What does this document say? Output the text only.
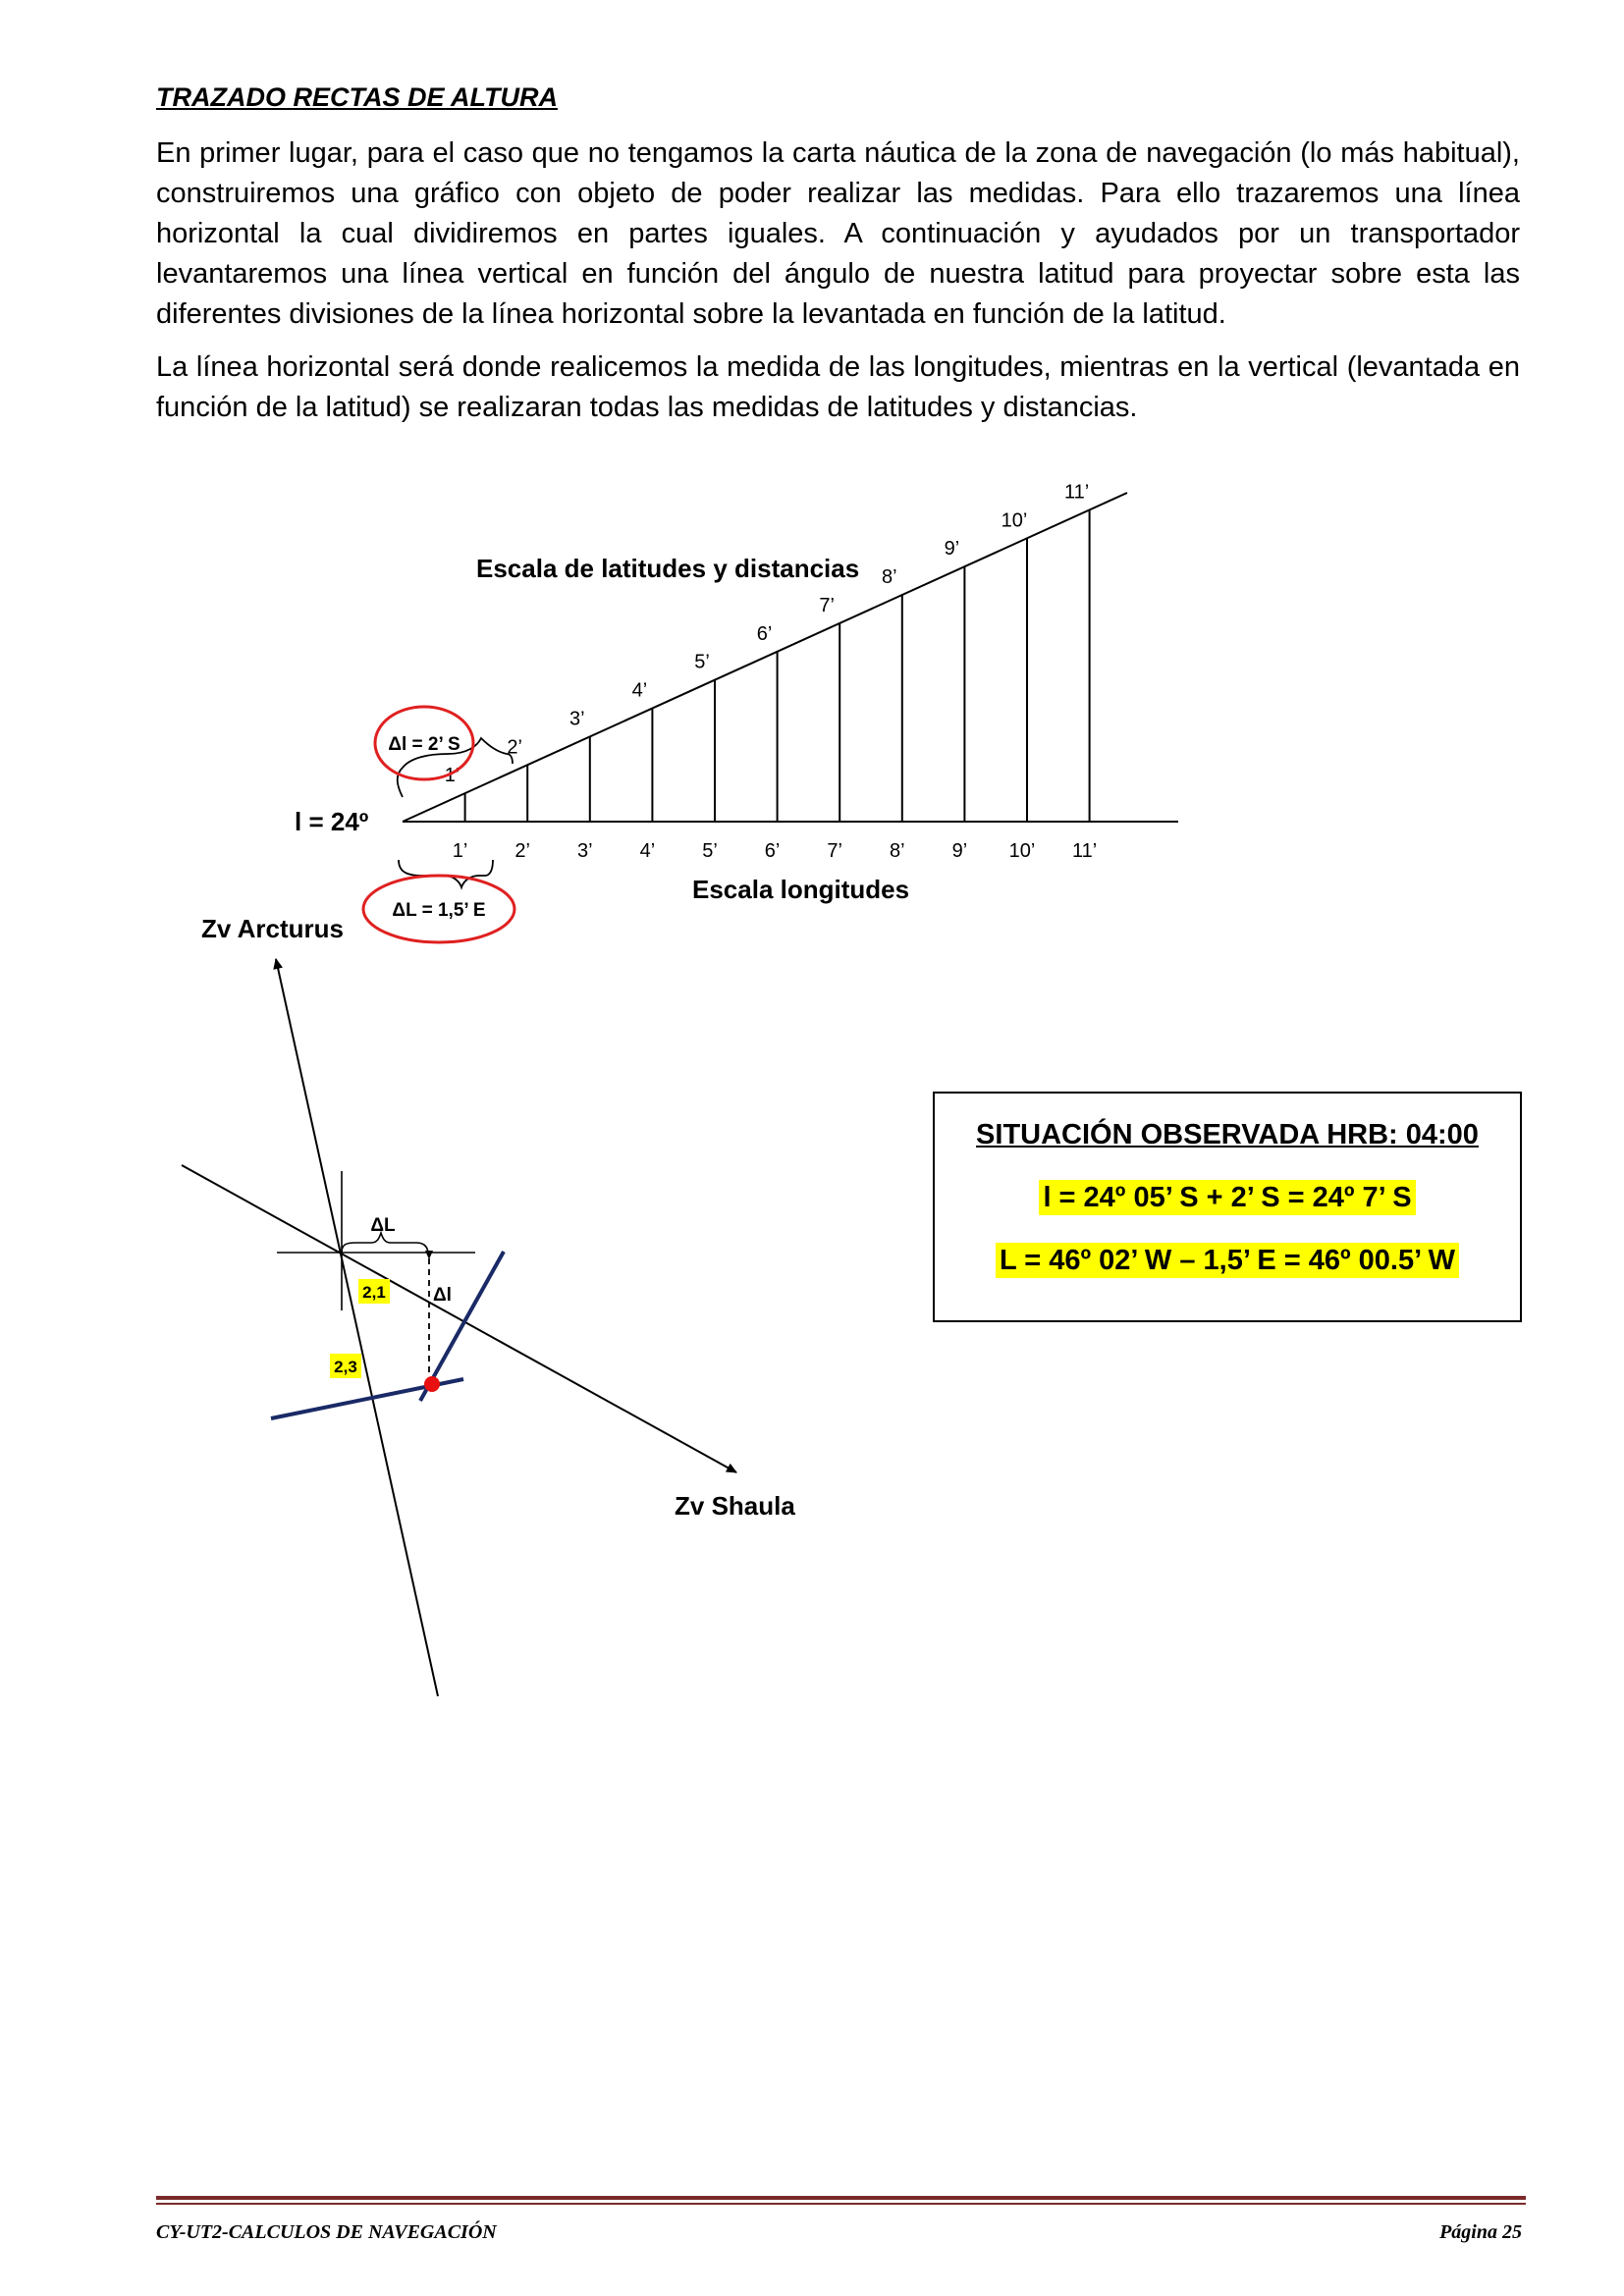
TRAZADO RECTAS DE ALTURA

En primer lugar, para el caso que no tengamos la carta náutica de la zona de navegación (lo más habitual), construiremos una gráfico con objeto de poder realizar las medidas. Para ello trazaremos una línea horizontal la cual dividiremos en partes iguales. A continuación y ayudados por un transportador levantaremos una línea vertical en función del ángulo de nuestra latitud para proyectar sobre esta las diferentes divisiones de la línea horizontal sobre la levantada en función de la latitud.

La línea horizontal será donde realicemos la medida de las longitudes, mientras en la vertical (levantada en función de la latitud) se realizaran todas las medidas de latitudes y distancias.

1’ 2’ 3’ 4’ 5’ 6’ 7’ 8’ 9’ 10’ 11’
1’
2’
3’
4’
5’
6’
7’
8’
9’
10’
11’
Escala de latitudes y distancias
Escala longitudes
l = 24º
Δl = 2’ S
ΔL = 1,5’ E
Zv Arcturus
Zv Shaula
ΔL
Δl
2,1
2,3
SITUACIÓN OBSERVADA HRB: 04:00
l = 24º 05’ S + 2’ S = 24º 7’ S
L = 46º 02’ W – 1,5’ E = 46º 00.5’ W
CY-UT2-CALCULOS DE NAVEGACIÓN	Página 25
